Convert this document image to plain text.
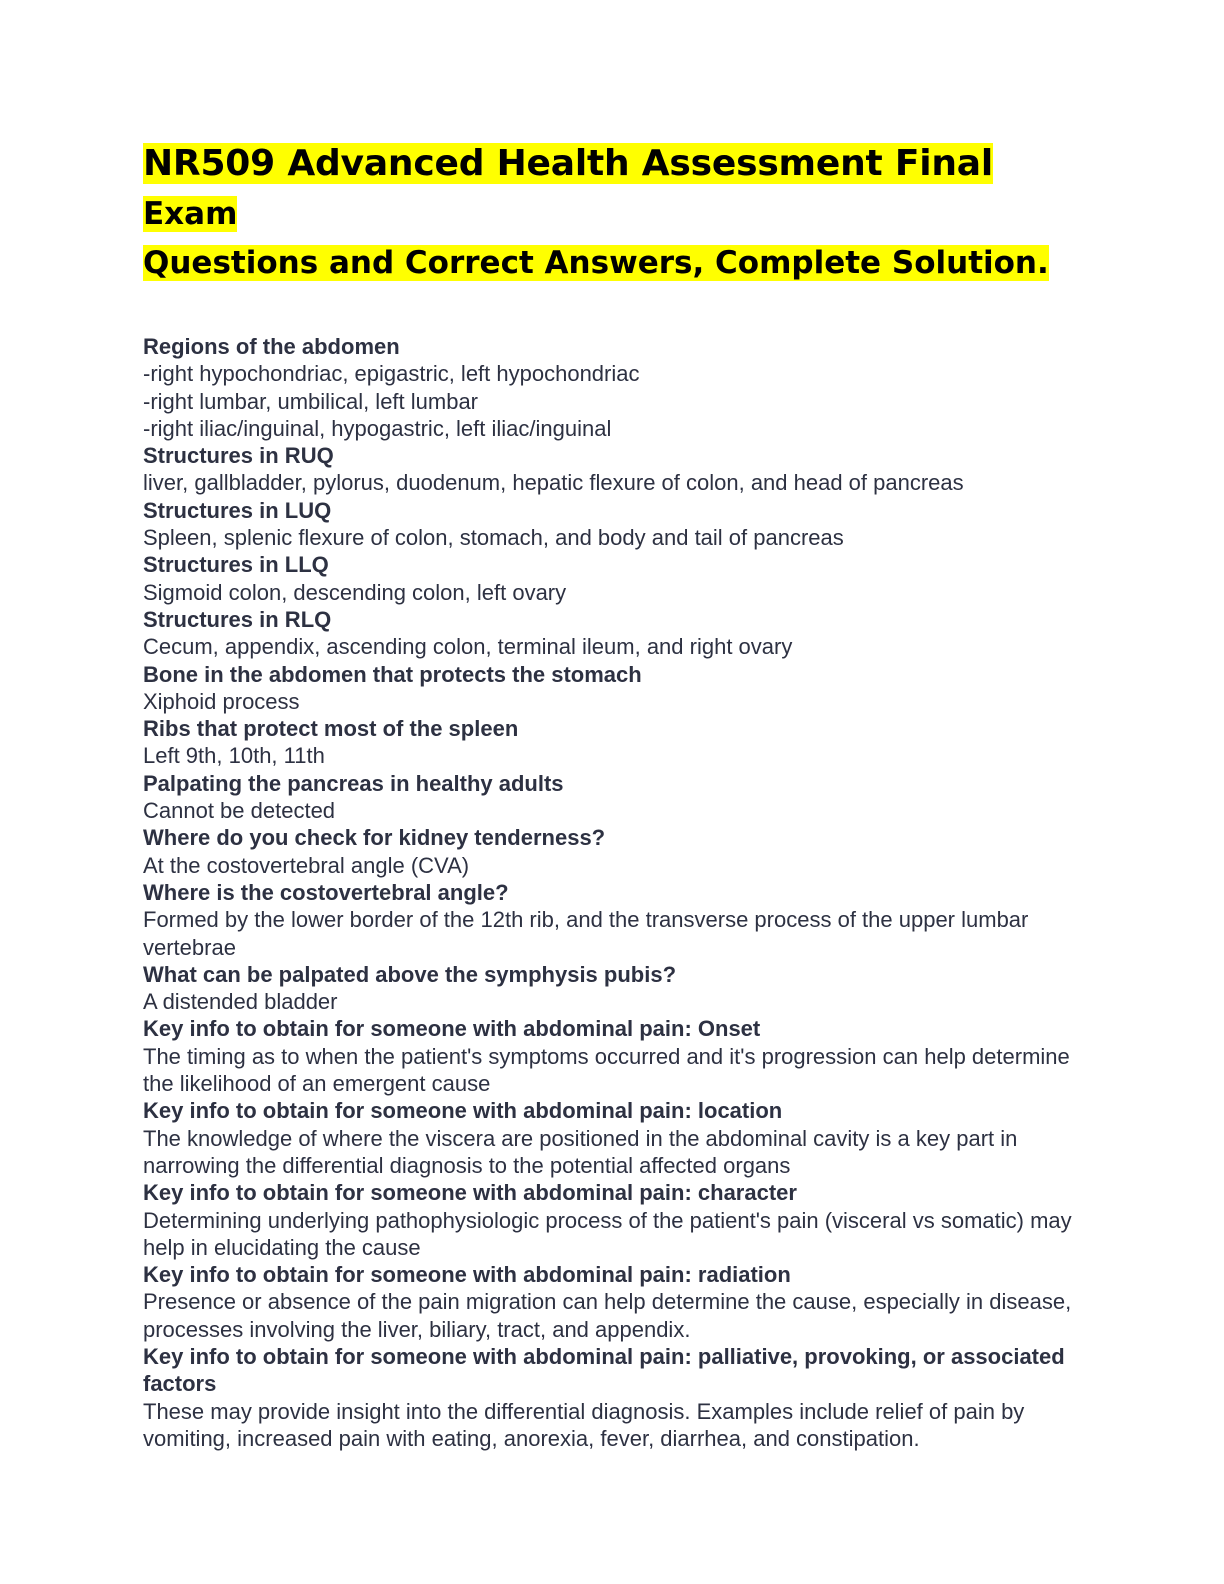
NR509 Advanced Health Assessment Final Exam
Questions and Correct Answers, Complete Solution.

Regions of the abdomen

-right hypochondriac, epigastric, left hypochondriac

-right lumbar, umbilical, left lumbar

-right iliac/inguinal, hypogastric, left iliac/inguinal

Structures in RUQ

liver, gallbladder, pylorus, duodenum, hepatic flexure of colon, and head of pancreas

Structures in LUQ

Spleen, splenic flexure of colon, stomach, and body and tail of pancreas

Structures in LLQ

Sigmoid colon, descending colon, left ovary

Structures in RLQ

Cecum, appendix, ascending colon, terminal ileum, and right ovary

Bone in the abdomen that protects the stomach

Xiphoid process

Ribs that protect most of the spleen

Left 9th, 10th, 11th

Palpating the pancreas in healthy adults

Cannot be detected

Where do you check for kidney tenderness?

At the costovertebral angle (CVA)

Where is the costovertebral angle?

Formed by the lower border of the 12th rib, and the transverse process of the upper lumbar vertebrae

What can be palpated above the symphysis pubis?

A distended bladder

Key info to obtain for someone with abdominal pain: Onset

The timing as to when the patient's symptoms occurred and it's progression can help determine the likelihood of an emergent cause

Key info to obtain for someone with abdominal pain: location

The knowledge of where the viscera are positioned in the abdominal cavity is a key part in narrowing the differential diagnosis to the potential affected organs

Key info to obtain for someone with abdominal pain: character

Determining underlying pathophysiologic process of the patient's pain (visceral vs somatic) may help in elucidating the cause

Key info to obtain for someone with abdominal pain: radiation

Presence or absence of the pain migration can help determine the cause, especially in disease, processes involving the liver, biliary, tract, and appendix.

Key info to obtain for someone with abdominal pain: palliative, provoking, or associated factors

These may provide insight into the differential diagnosis. Examples include relief of pain by vomiting, increased pain with eating, anorexia, fever, diarrhea, and constipation.
